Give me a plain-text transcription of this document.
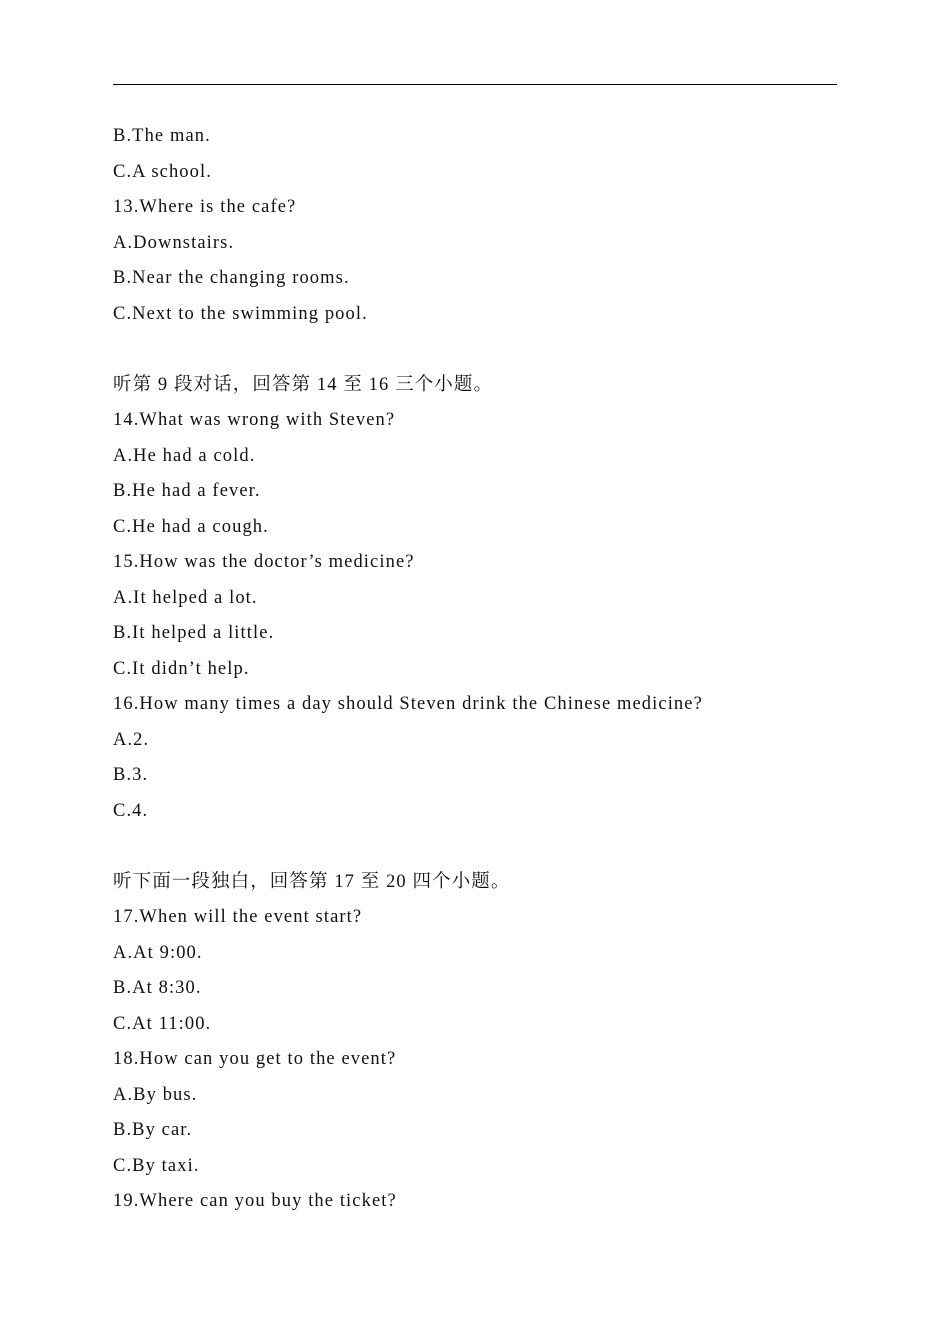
B.The man.
C.A school.
13.Where is the cafe?
A.Downstairs.
B.Near the changing rooms.
C.Next to the swimming pool.
听第 9 段对话，回答第 14 至 16 三个小题。
14.What was wrong with Steven?
A.He had a cold.
B.He had a fever.
C.He had a cough.
15.How was the doctor’s medicine?
A.It helped a lot.
B.It helped a little.
C.It didn’t help.
16.How many times a day should Steven drink the Chinese medicine?
A.2.
B.3.
C.4.
听下面一段独白，回答第 17 至 20 四个小题。
17.When will the event start?
A.At 9:00.
B.At 8:30.
C.At 11:00.
18.How can you get to the event?
A.By bus.
B.By car.
C.By taxi.
19.Where can you buy the ticket?
